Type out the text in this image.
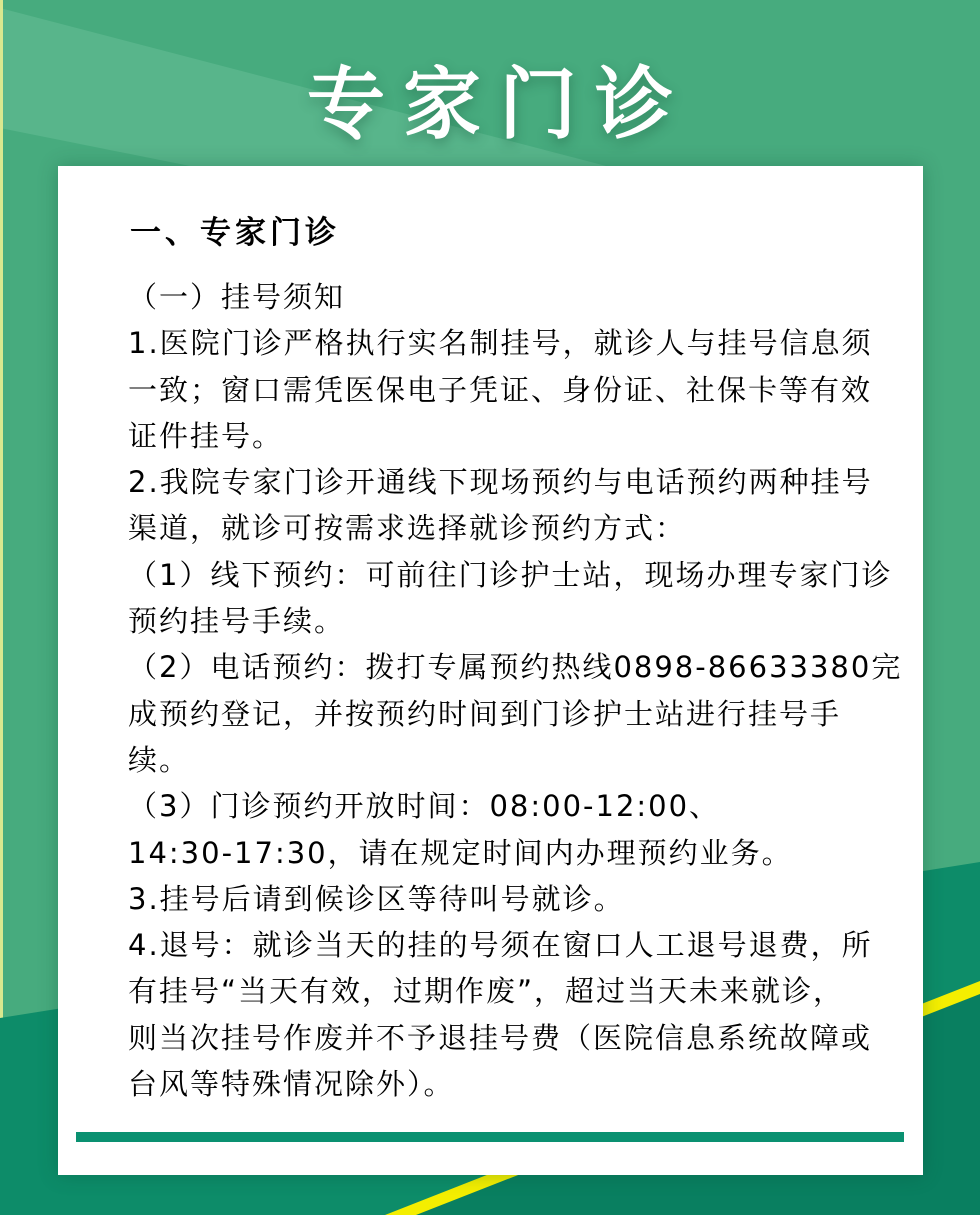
专家门诊
一、专家门诊
（一）挂号须知
1.医院门诊严格执行实名制挂号，就诊人与挂号信息须
一致；窗口需凭医保电子凭证、身份证、社保卡等有效
证件挂号。
2.我院专家门诊开通线下现场预约与电话预约两种挂号
渠道，就诊可按需求选择就诊预约方式：
（1）线下预约：可前往门诊护士站，现场办理专家门诊
预约挂号手续。
（2）电话预约：拨打专属预约热线0898-86633380完
成预约登记，并按预约时间到门诊护士站进行挂号手
续。
（3）门诊预约开放时间：08:00-12:00、
14:30-17:30，请在规定时间内办理预约业务。
3.挂号后请到候诊区等待叫号就诊。
4.退号：就诊当天的挂的号须在窗口人工退号退费，所
有挂号“当天有效，过期作废”，超过当天未来就诊，
则当次挂号作废并不予退挂号费（医院信息系统故障或
台风等特殊情况除外）。
